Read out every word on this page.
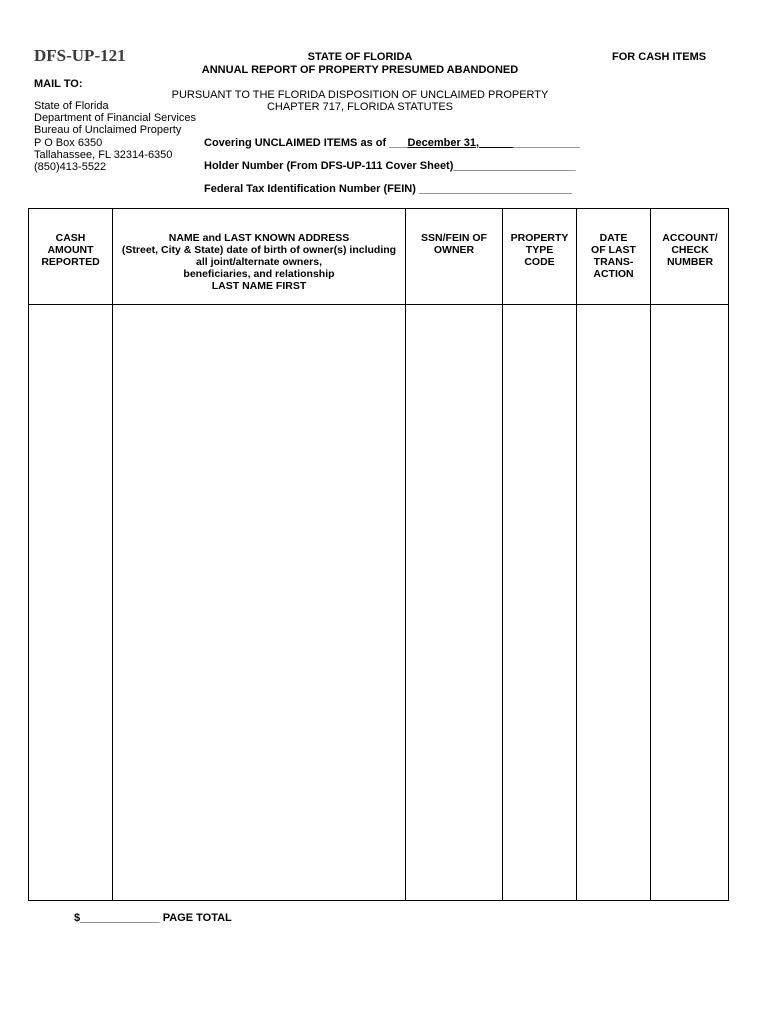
DFS-UP-121	STATE OF FLORIDA
ANNUAL REPORT OF PROPERTY PRESUMED ABANDONED
FOR CASH ITEMS
MAIL TO:
State of Florida
Department of Financial Services
Bureau of Unclaimed Property
P O Box 6350
Tallahassee, FL 32314-6350
(850)413-5522
PURSUANT TO THE FLORIDA DISPOSITION OF UNCLAIMED PROPERTY
CHAPTER 717, FLORIDA STATUTES
Covering UNCLAIMED ITEMS as of ___December 31, ________________
Holder Number (From DFS-UP-111 Cover Sheet)____________________
Federal Tax Identification Number (FEIN) _________________________
CASH
AMOUNT
REPORTED
NAME and LAST KNOWN ADDRESS
(Street, City & State) date of birth of owner(s) including
all joint/alternate owners,
beneficiaries, and relationship
LAST NAME FIRST
SSN/FEIN OF
OWNER
PROPERTY
TYPE
CODE
DATE
OF LAST
TRANS-
ACTION
ACCOUNT/
CHECK
NUMBER
$_____________ PAGE TOTAL
